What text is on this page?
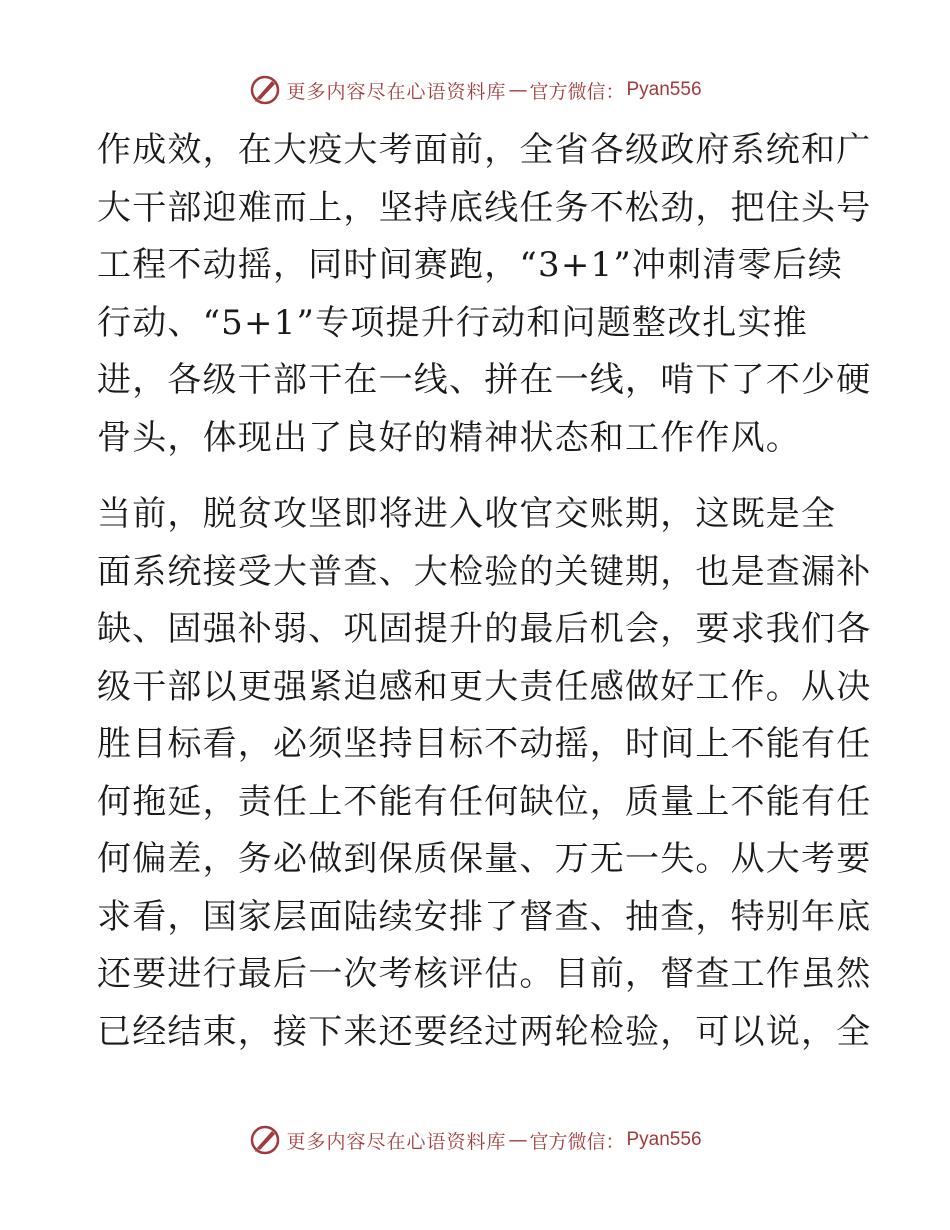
更多内容尽在心语资料库 — 官方微信： Pyan556
作成效，在大疫大考面前，全省各级政府系统和广
大干部迎难而上，坚持底线任务不松劲，把住头号
工程不动摇，同时间赛跑，“3+1”冲刺清零后续
行动、“5+1”专项提升行动和问题整改扎实推
进，各级干部干在一线、拼在一线，啃下了不少硬
骨头，体现出了良好的精神状态和工作作风。
当前，脱贫攻坚即将进入收官交账期，这既是全
面系统接受大普查、大检验的关键期，也是查漏补
缺、固强补弱、巩固提升的最后机会，要求我们各
级干部以更强紧迫感和更大责任感做好工作。从决
胜目标看，必须坚持目标不动摇，时间上不能有任
何拖延，责任上不能有任何缺位，质量上不能有任
何偏差，务必做到保质保量、万无一失。从大考要
求看，国家层面陆续安排了督查、抽查，特别年底
还要进行最后一次考核评估。目前，督查工作虽然
已经结束，接下来还要经过两轮检验，可以说，全
更多内容尽在心语资料库 — 官方微信： Pyan556
